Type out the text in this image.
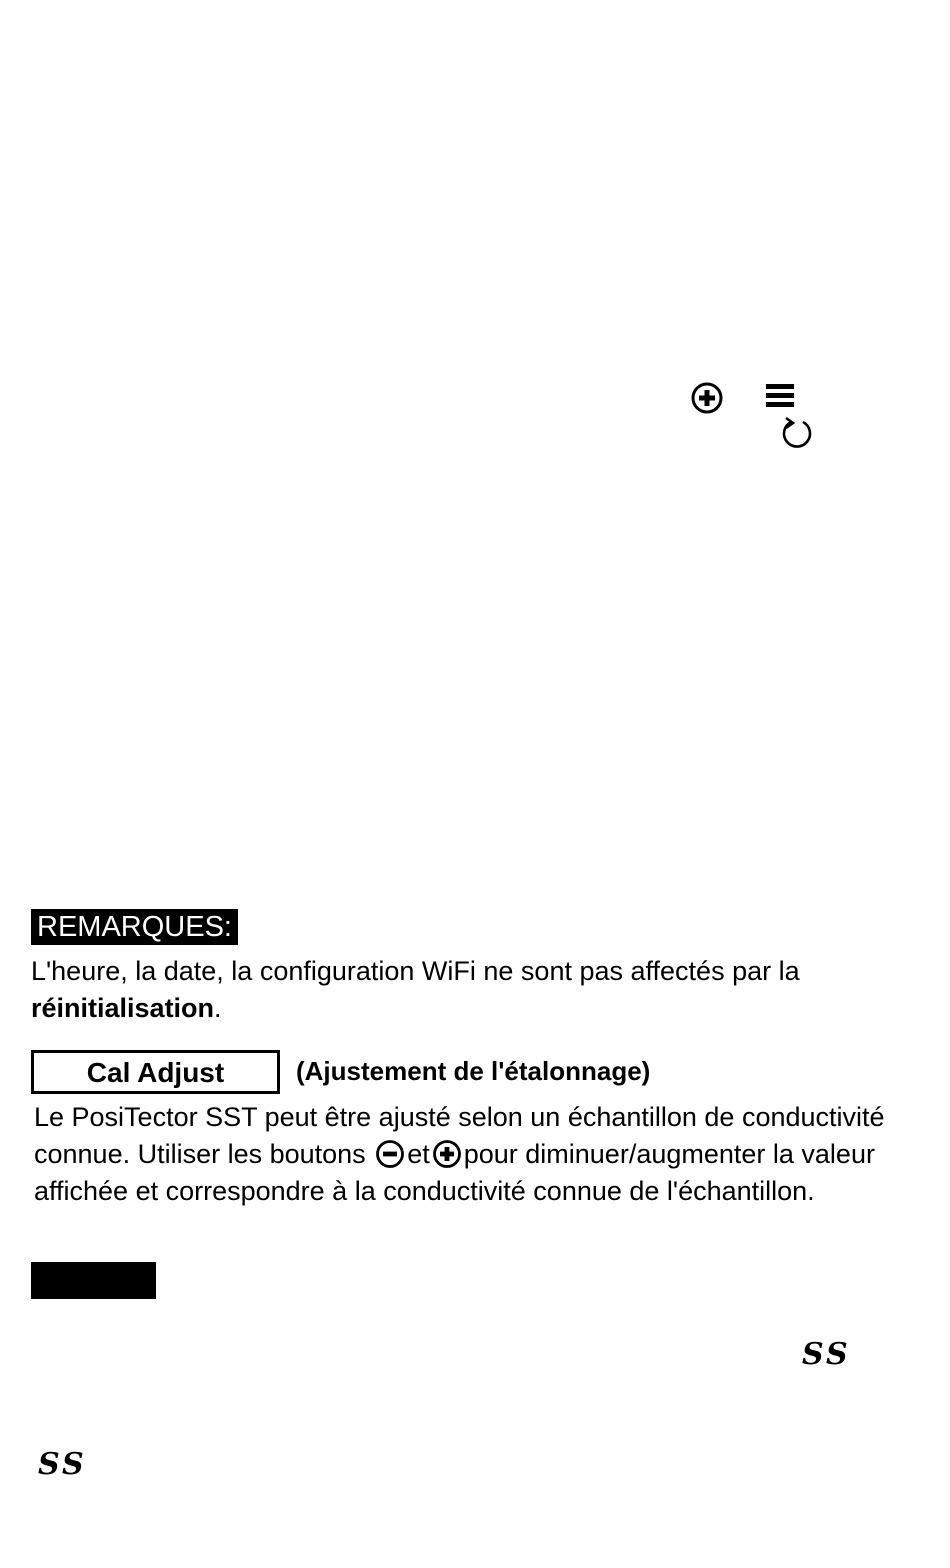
REMARQUES:
L'heure, la date, la configuration WiFi ne sont pas affectés par la réinitialisation.
Cal Adjust	(Ajustement de l'étalonnage)
Le PosiTector SST peut être ajusté selon un échantillon de conductivité connue. Utiliser les boutons et pour diminuer/augmenter la valeur affichée et correspondre à la conductivité connue de l'échantillon.
SS
SS
